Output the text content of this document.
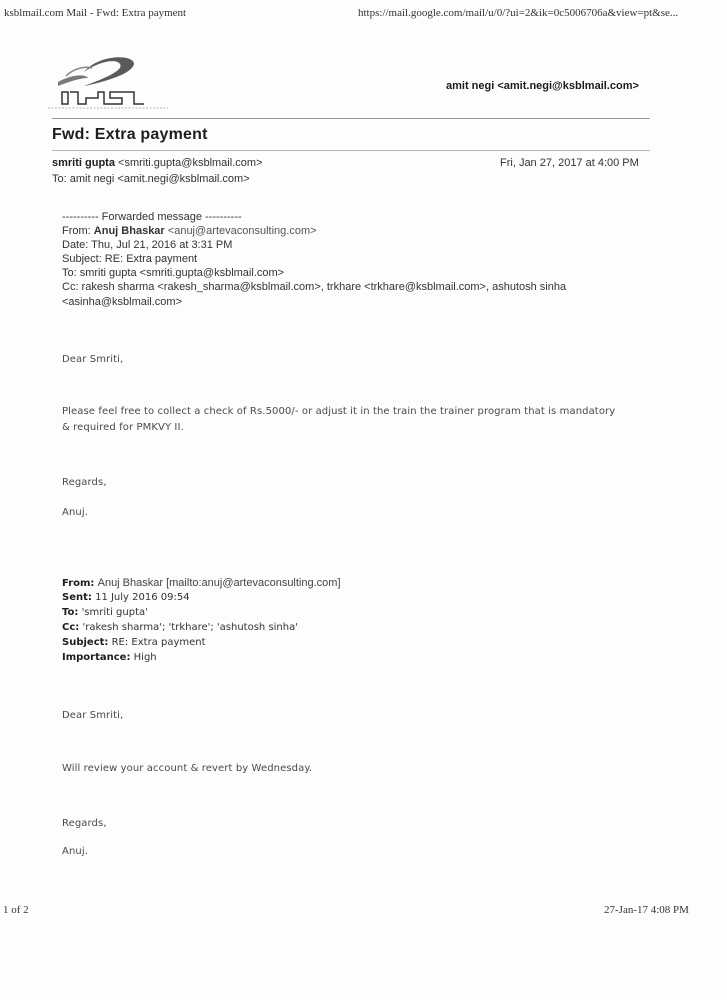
ksblmail.com Mail - Fwd: Extra payment	https://mail.google.com/mail/u/0/?ui=2&ik=0c5006706a&view=pt&se...
amit negi <amit.negi@ksblmail.com>
Fwd: Extra payment
smriti gupta <smriti.gupta@ksblmail.com>	Fri, Jan 27, 2017 at 4:00 PM
To: amit negi <amit.negi@ksblmail.com>
---------- Forwarded message ----------
From: Anuj Bhaskar <anuj@artevaconsulting.com>
Date: Thu, Jul 21, 2016 at 3:31 PM
Subject: RE: Extra payment
To: smriti gupta <smriti.gupta@ksblmail.com>
Cc: rakesh sharma <rakesh_sharma@ksblmail.com>, trkhare <trkhare@ksblmail.com>, ashutosh sinha
<asinha@ksblmail.com>
Dear Smriti,
Please feel free to collect a check of Rs.5000/- or adjust it in the train the trainer program that is mandatory
& required for PMKVY II.
Regards,
Anuj.
From: Anuj Bhaskar [mailto:anuj@artevaconsulting.com]
Sent: 11 July 2016 09:54
To: 'smriti gupta'
Cc: 'rakesh sharma'; 'trkhare'; 'ashutosh sinha'
Subject: RE: Extra payment
Importance: High
Dear Smriti,
Will review your account & revert by Wednesday.
Regards,
Anuj.
1 of 2	27-Jan-17 4:08 PM
